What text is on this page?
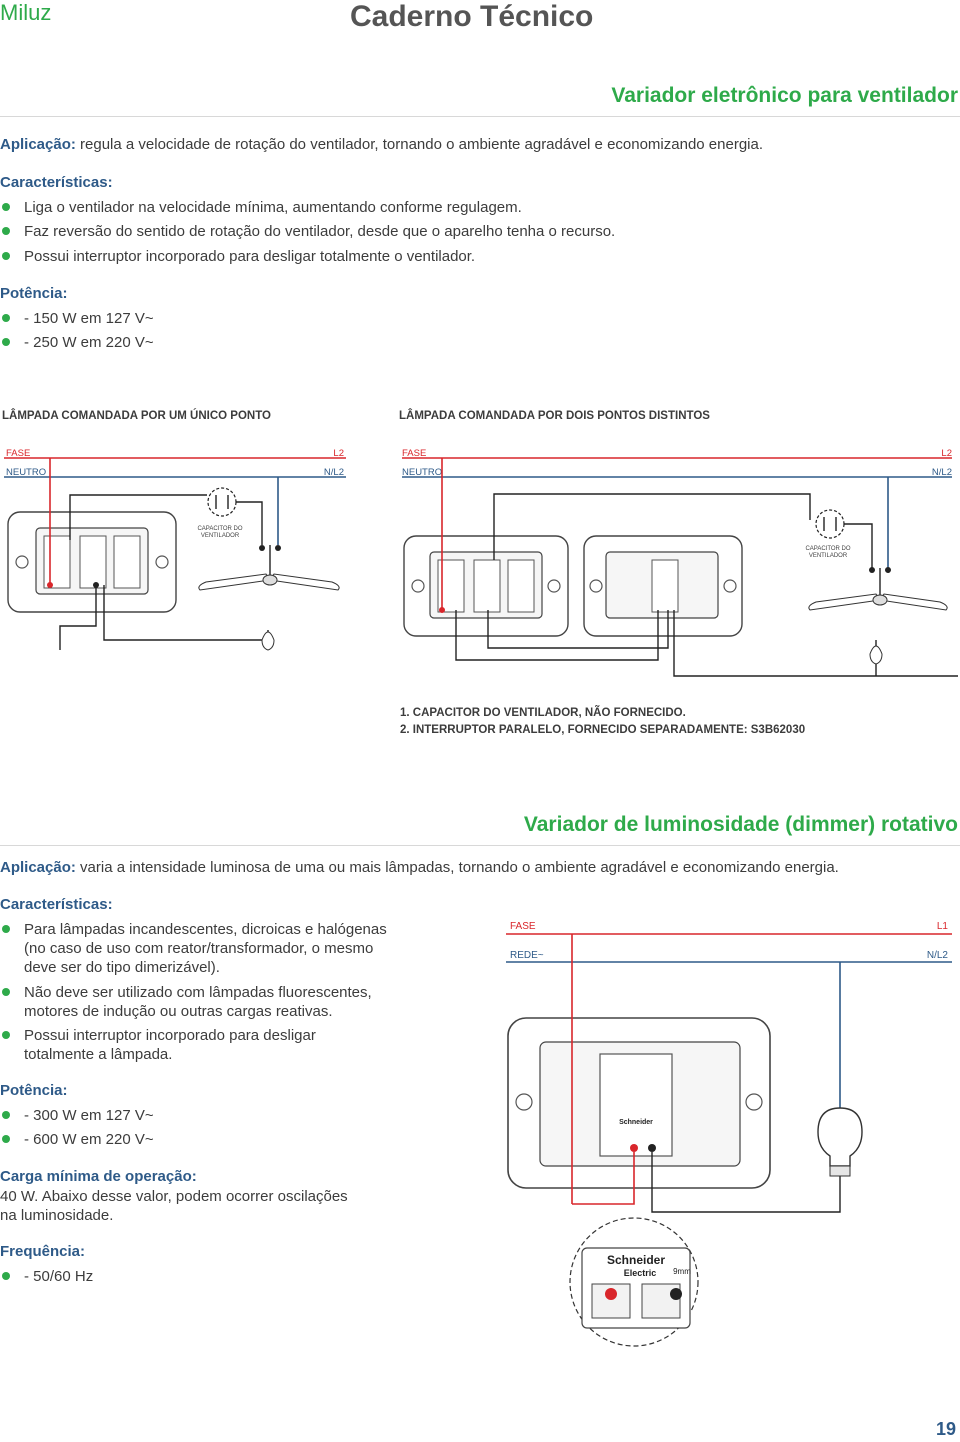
Miluz	Caderno Técnico
Variador eletrônico para ventilador
Aplicação: regula a velocidade de rotação do ventilador, tornando o ambiente agradável e economizando energia.
Características:
Liga o ventilador na velocidade mínima, aumentando conforme regulagem.
Faz reversão do sentido de rotação do ventilador, desde que o aparelho tenha o recurso.
Possui interruptor incorporado para desligar totalmente o ventilador.
Potência:
- 150 W em 127 V~
- 250 W em 220 V~
LÂMPADA COMANDADA POR UM ÚNICO PONTO	LÂMPADA COMANDADA POR DOIS PONTOS DISTINTOS
FASE	L2
NEUTRO	N/L2
CAPACITOR DO
VENTILADOR
FASE	L2
NEUTRO	N/L2
CAPACITOR DO
VENTILADOR
1. CAPACITOR DO VENTILADOR, NÃO FORNECIDO.
2. INTERRUPTOR PARALELO, FORNECIDO SEPARADAMENTE: S3B62030
Variador de luminosidade (dimmer) rotativo
Aplicação: varia a intensidade luminosa de uma ou mais lâmpadas, tornando o ambiente agradável e economizando energia.
Características:
Para lâmpadas incandescentes, dicroicas e halógenas
(no caso de uso com reator/transformador, o mesmo
deve ser do tipo dimerizável).
Não deve ser utilizado com lâmpadas fluorescentes,
motores de indução ou outras cargas reativas.
Possui interruptor incorporado para desligar
totalmente a lâmpada.
Potência:
- 300 W em 127 V~
- 600 W em 220 V~
Carga mínima de operação:
40 W. Abaixo desse valor, podem ocorrer oscilações
na luminosidade.
Frequência:
- 50/60 Hz
FASE	L1
REDE~	N/L2
Schneider
Schneider
Electric 9mm
19
